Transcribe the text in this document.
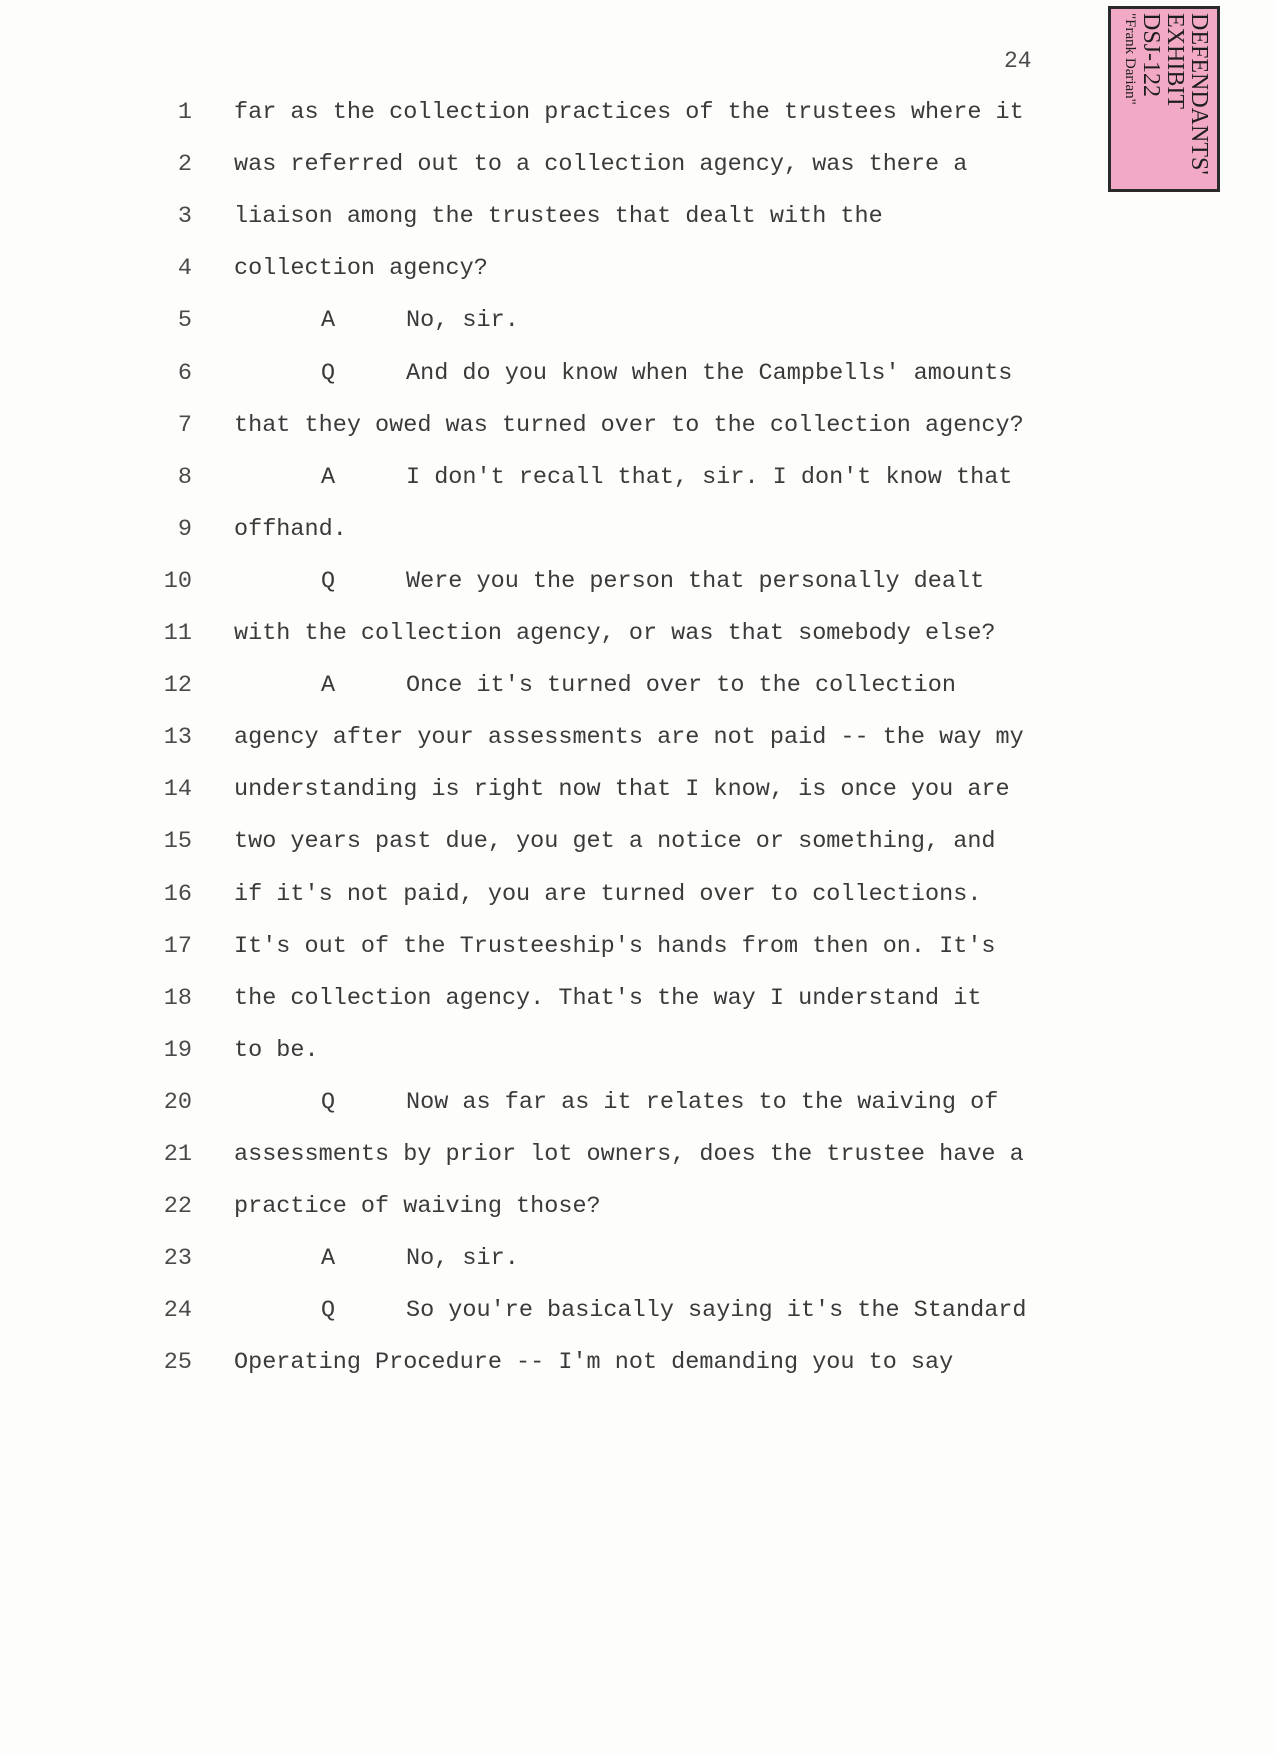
24	DEFENDANTS'
EXHIBIT
DSJ-122
"Frank Darian"
1 far as the collection practices of the trustees where it
2 was referred out to a collection agency, was there a
3 liaison among the trustees that dealt with the
4 collection agency?
5	A	No, sir.
6	Q	And do you know when the Campbells' amounts
7 that they owed was turned over to the collection agency?
8	A	I don't recall that, sir. I don't know that
9 offhand.
10	Q	Were you the person that personally dealt
11 with the collection agency, or was that somebody else?
12	A	Once it's turned over to the collection
13 agency after your assessments are not paid -- the way my
14 understanding is right now that I know, is once you are
15 two years past due, you get a notice or something, and
16 if it's not paid, you are turned over to collections.
17 It's out of the Trusteeship's hands from then on. It's
18 the collection agency. That's the way I understand it
19 to be.
20	Q	Now as far as it relates to the waiving of
21 assessments by prior lot owners, does the trustee have a
22 practice of waiving those?
23	A	No, sir.
24	Q	So you're basically saying it's the Standard
25 Operating Procedure -- I'm not demanding you to say
